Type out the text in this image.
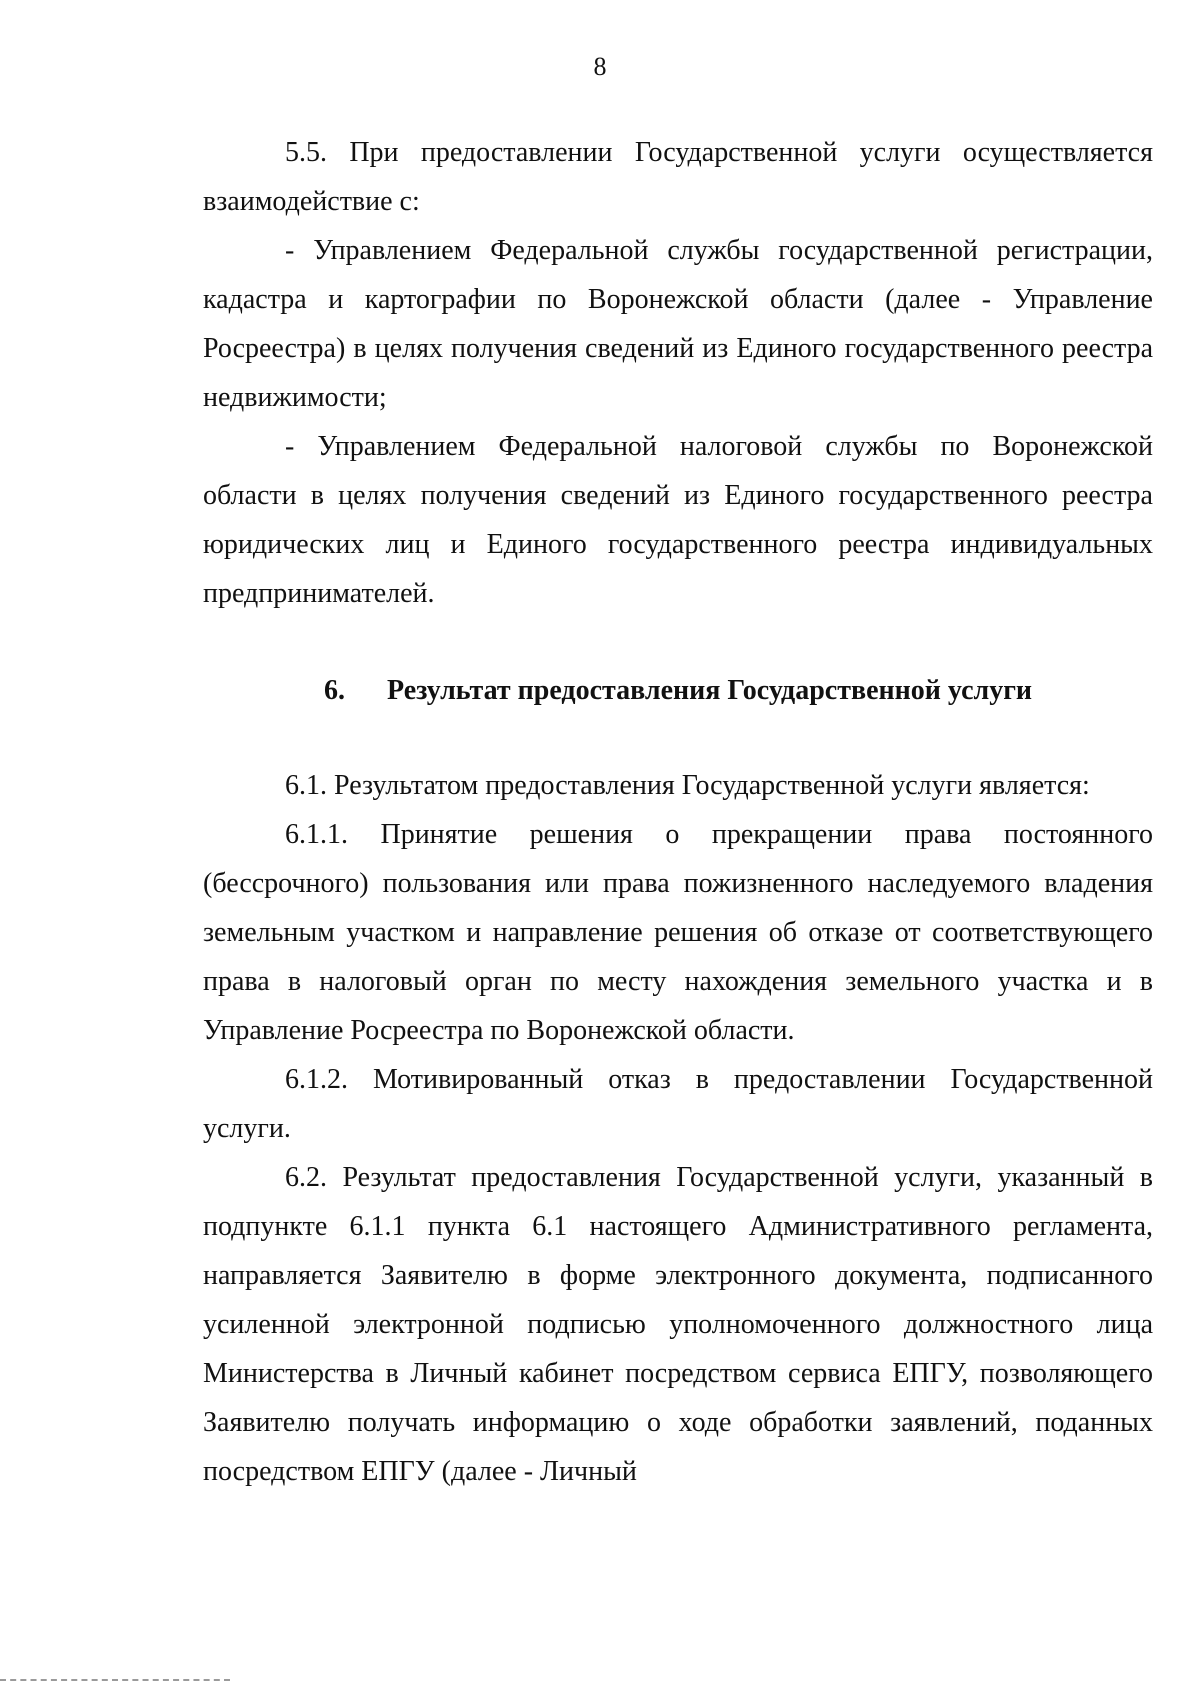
8

5.5. При предоставлении Государственной услуги осуществляется взаимодействие с:

- Управлением Федеральной службы государственной регистрации, кадастра и картографии по Воронежской области (далее - Управление Росреестра) в целях получения сведений из Единого государственного реестра недвижимости;

- Управлением Федеральной налоговой службы по Воронежской области в целях получения сведений из Единого государственного реестра юридических лиц и Единого государственного реестра индивидуальных предпринимателей.

6. Результат предоставления Государственной услуги

6.1. Результатом предоставления Государственной услуги является:

6.1.1. Принятие решения о прекращении права постоянного (бессрочного) пользования или права пожизненного наследуемого владения земельным участком и направление решения об отказе от соответствующего права в налоговый орган по месту нахождения земельного участка и в Управление Росреестра по Воронежской области.

6.1.2. Мотивированный отказ в предоставлении Государственной услуги.

6.2. Результат предоставления Государственной услуги, указанный в подпункте 6.1.1 пункта 6.1 настоящего Административного регламента, направляется Заявителю в форме электронного документа, подписанного усиленной электронной подписью уполномоченного должностного лица Министерства в Личный кабинет посредством сервиса ЕПГУ, позволяющего Заявителю получать информацию о ходе обработки заявлений, поданных посредством ЕПГУ (далее - Личный
